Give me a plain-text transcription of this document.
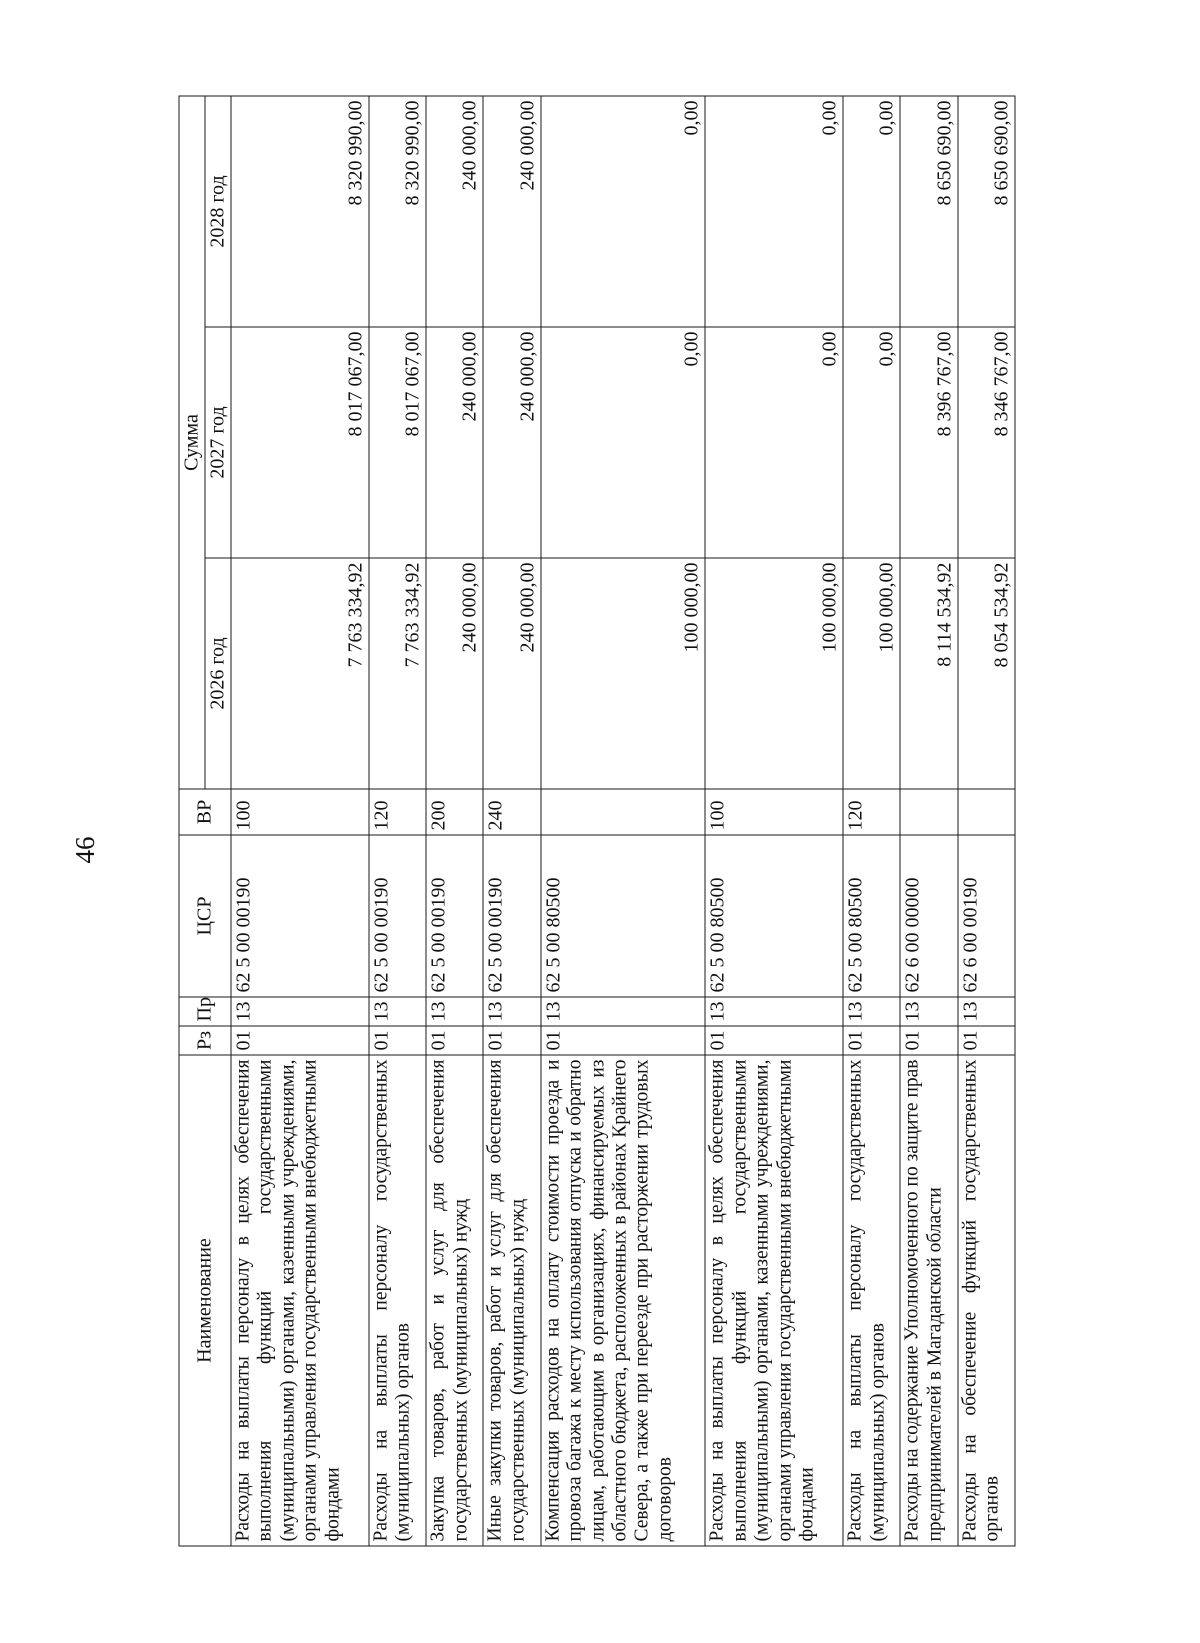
46
Наименование	Рз	Пр	ЦСР	ВР	Сумма		
					2026 год	2027 год	2028 год
Расходы на выплаты персоналу в целях обеспечения выполнения функций государственными (муниципальными) органами, казенными учреждениями, органами управления государственными внебюджетными фондами	01	13	62 5 00 00190	100	7 763 334,92	8 017 067,00	8 320 990,00
Расходы на выплаты персоналу государственных (муниципальных) органов	01	13	62 5 00 00190	120	7 763 334,92	8 017 067,00	8 320 990,00
Закупка товаров, работ и услуг для обеспечения государственных (муниципальных) нужд	01	13	62 5 00 00190	200	240 000,00	240 000,00	240 000,00
Иные закупки товаров, работ и услуг для обеспечения государственных (муниципальных) нужд	01	13	62 5 00 00190	240	240 000,00	240 000,00	240 000,00
Компенсация расходов на оплату стоимости проезда и провоза багажа к месту использования отпуска и обратно лицам, работающим в организациях, финансируемых из областного бюджета, расположенных в районах Крайнего Севера, а также при переезде при расторжении трудовых договоров	01	13	62 5 00 80500		100 000,00	0,00	0,00
Расходы на выплаты персоналу в целях обеспечения выполнения функций государственными (муниципальными) органами, казенными учреждениями, органами управления государственными внебюджетными фондами	01	13	62 5 00 80500	100	100 000,00	0,00	0,00
Расходы на выплаты персоналу государственных (муниципальных) органов	01	13	62 5 00 80500	120	100 000,00	0,00	0,00
Расходы на содержание Уполномоченного по защите прав предпринимателей в Магаданской области	01	13	62 6 00 00000		8 114 534,92	8 396 767,00	8 650 690,00
Расходы на обеспечение функций государственных органов	01	13	62 6 00 00190		8 054 534,92	8 346 767,00	8 650 690,00
